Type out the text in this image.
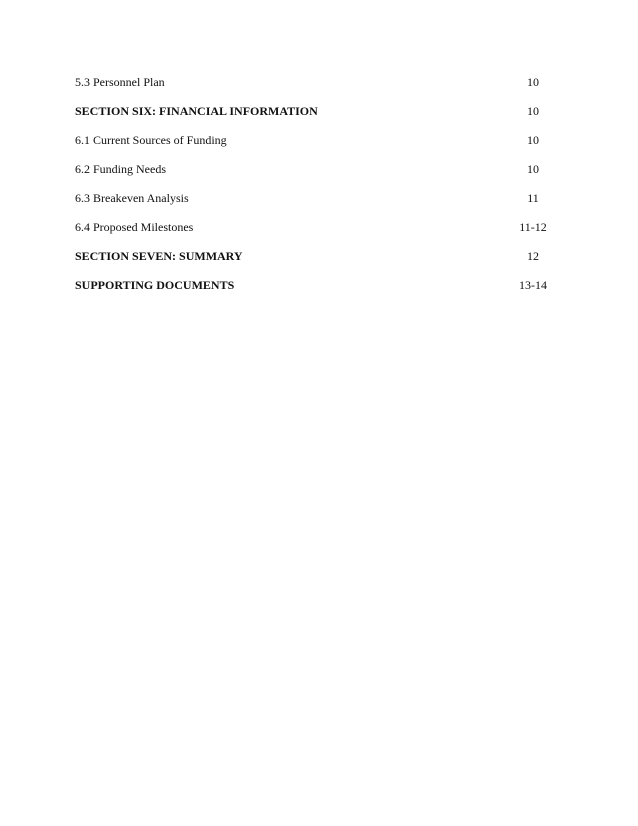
5.3 Personnel Plan	10
SECTION SIX: FINANCIAL INFORMATION	10
6.1 Current Sources of Funding	10
6.2 Funding Needs	10
6.3 Breakeven Analysis	11
6.4 Proposed Milestones	11-12
SECTION SEVEN: SUMMARY	12
SUPPORTING DOCUMENTS	13-14
